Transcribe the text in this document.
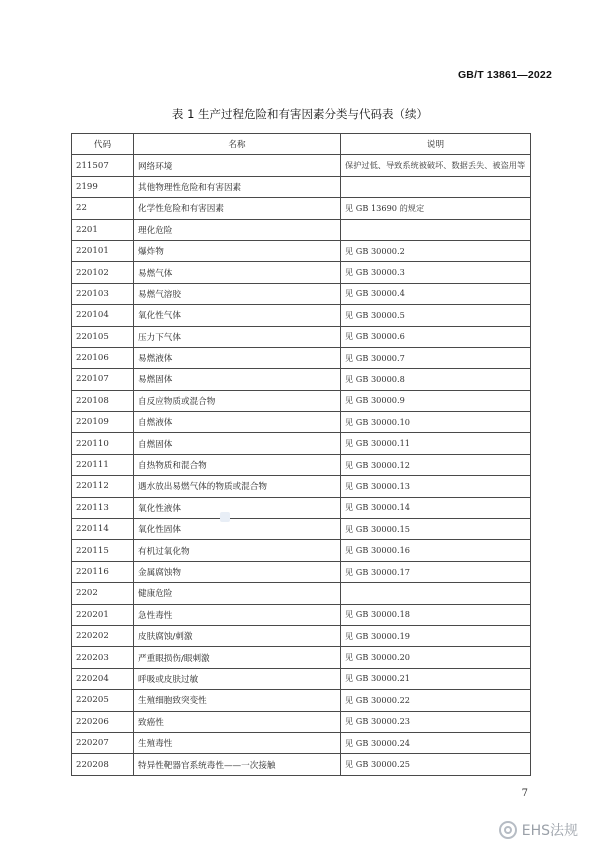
GB/T 13861—2022
表 1 生产过程危险和有害因素分类与代码表（续）
代码	名称	说明
211507	网络环境	保护过低、导致系统被破坏、数据丢失、被盗用等
2199	其他物理性危险和有害因素	
22	化学性危险和有害因素	见 GB 13690 的规定
2201	理化危险	
220101	爆炸物	见 GB 30000.2
220102	易燃气体	见 GB 30000.3
220103	易燃气溶胶	见 GB 30000.4
220104	氧化性气体	见 GB 30000.5
220105	压力下气体	见 GB 30000.6
220106	易燃液体	见 GB 30000.7
220107	易燃固体	见 GB 30000.8
220108	自反应物质或混合物	见 GB 30000.9
220109	自燃液体	见 GB 30000.10
220110	自燃固体	见 GB 30000.11
220111	自热物质和混合物	见 GB 30000.12
220112	遇水放出易燃气体的物质或混合物	见 GB 30000.13
220113	氧化性液体	见 GB 30000.14
220114	氧化性固体	见 GB 30000.15
220115	有机过氧化物	见 GB 30000.16
220116	金属腐蚀物	见 GB 30000.17
2202	健康危险	
220201	急性毒性	见 GB 30000.18
220202	皮肤腐蚀/刺激	见 GB 30000.19
220203	严重眼损伤/眼刺激	见 GB 30000.20
220204	呼吸或皮肤过敏	见 GB 30000.21
220205	生殖细胞致突变性	见 GB 30000.22
220206	致癌性	见 GB 30000.23
220207	生殖毒性	见 GB 30000.24
220208	特异性靶器官系统毒性——一次接触	见 GB 30000.25
7
EHS法规
